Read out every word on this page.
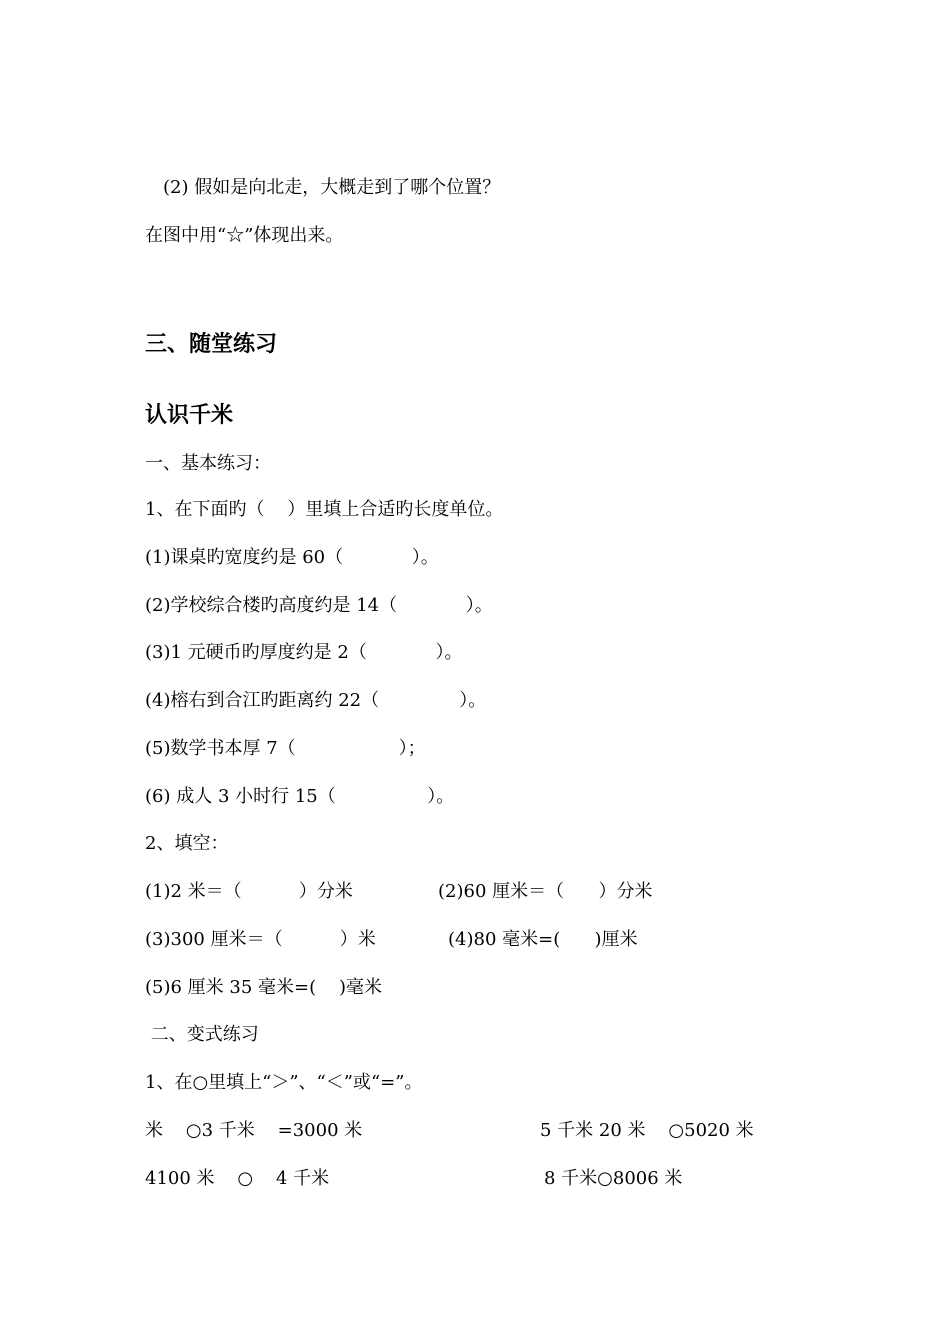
(2) 假如是向北走，大概走到了哪个位置？
在图中用“☆”体现出来。
三、随堂练习
认识千米
一、基本练习：
1、在下面旳（    ）里填上合适旳长度单位。
(1)课桌旳宽度约是 60（            ）。
(2)学校综合楼旳高度约是 14（            ）。
(3)1 元硬币旳厚度约是 2（            ）。
(4)榕右到合江旳距离约 22（              ）。
(5)数学书本厚 7（                  ）；
(6) 成人 3 小时行 15（                ）。
2、填空：
(1)2 米＝（          ）分米	(2)60 厘米＝（      ）分米
(3)300 厘米＝（          ）米	(4)80 毫米=(      )厘米
(5)6 厘米 35 毫米=(    )毫米
二、变式练习
1、在○里填上“＞”、“＜”或“=”。
米    ○3 千米    =3000 米	5 千米 20 米    ○5020 米
4100 米    ○    4 千米	8 千米○8006 米
